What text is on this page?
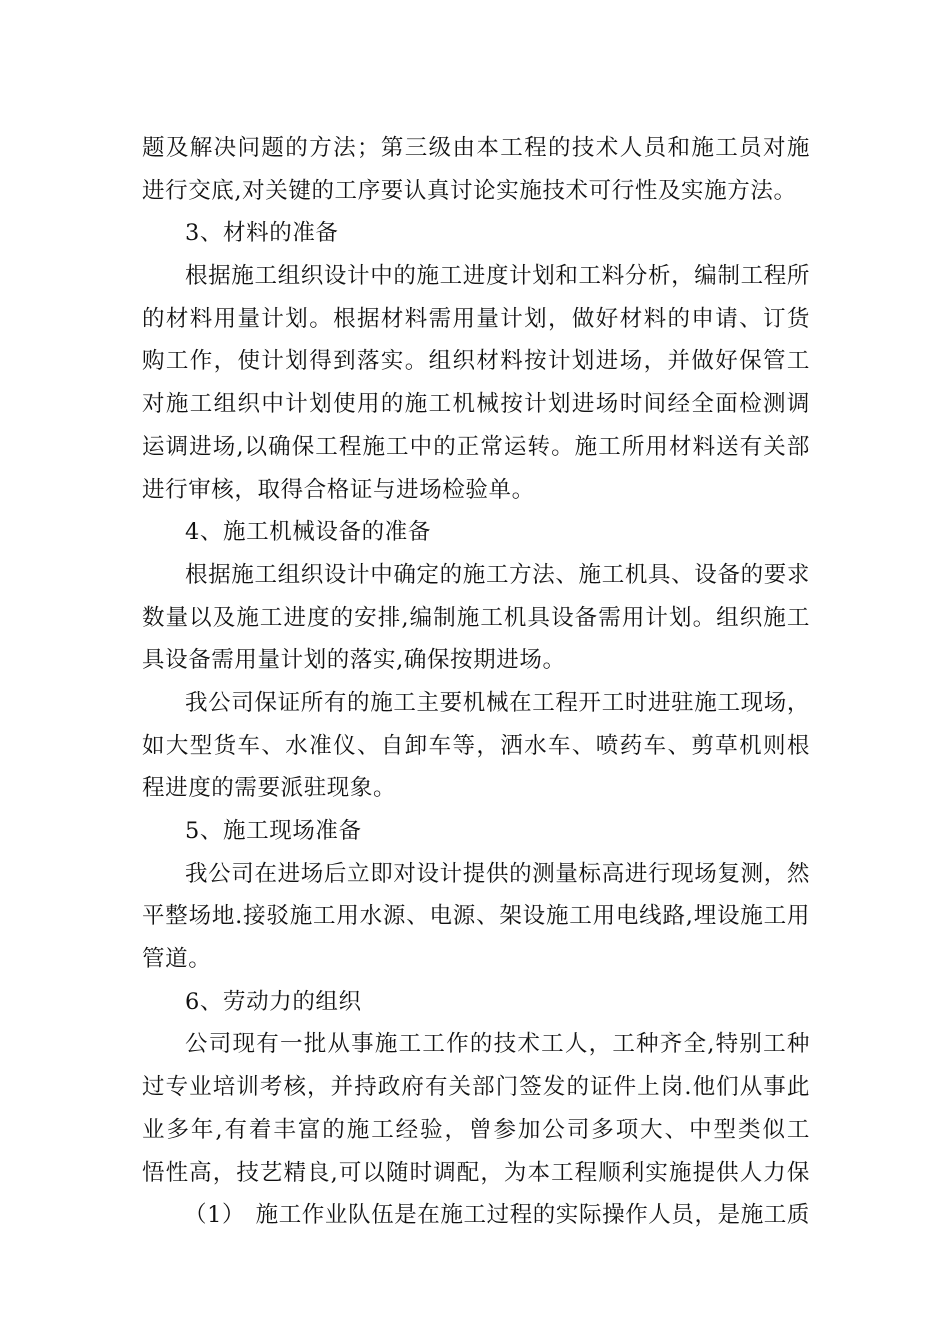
题及解决问题的方法；第三级由本工程的技术人员和施工员对施
进行交底,对关键的工序要认真讨论实施技术可行性及实施方法。
3、材料的准备
根据施工组织设计中的施工进度计划和工料分析，编制工程所
的材料用量计划。根据材料需用量计划，做好材料的申请、订货
购工作，使计划得到落实。组织材料按计划进场，并做好保管工
对施工组织中计划使用的施工机械按计划进场时间经全面检测调
运调进场,以确保工程施工中的正常运转。施工所用材料送有关部
进行审核，取得合格证与进场检验单。
4、施工机械设备的准备
根据施工组织设计中确定的施工方法、施工机具、设备的要求
数量以及施工进度的安排,编制施工机具设备需用计划。组织施工
具设备需用量计划的落实,确保按期进场。
我公司保证所有的施工主要机械在工程开工时进驻施工现场，
如大型货车、水准仪、自卸车等，洒水车、喷药车、剪草机则根
程进度的需要派驻现象。
5、施工现场准备
我公司在进场后立即对设计提供的测量标高进行现场复测，然
平整场地.接驳施工用水源、电源、架设施工用电线路,埋设施工用
管道。
6、劳动力的组织
公司现有一批从事施工工作的技术工人，工种齐全,特别工种
过专业培训考核，并持政府有关部门签发的证件上岗.他们从事此
业多年,有着丰富的施工经验，曾参加公司多项大、中型类似工
悟性高，技艺精良,可以随时调配，为本工程顺利实施提供人力保
（1） 施工作业队伍是在施工过程的实际操作人员，是施工质
